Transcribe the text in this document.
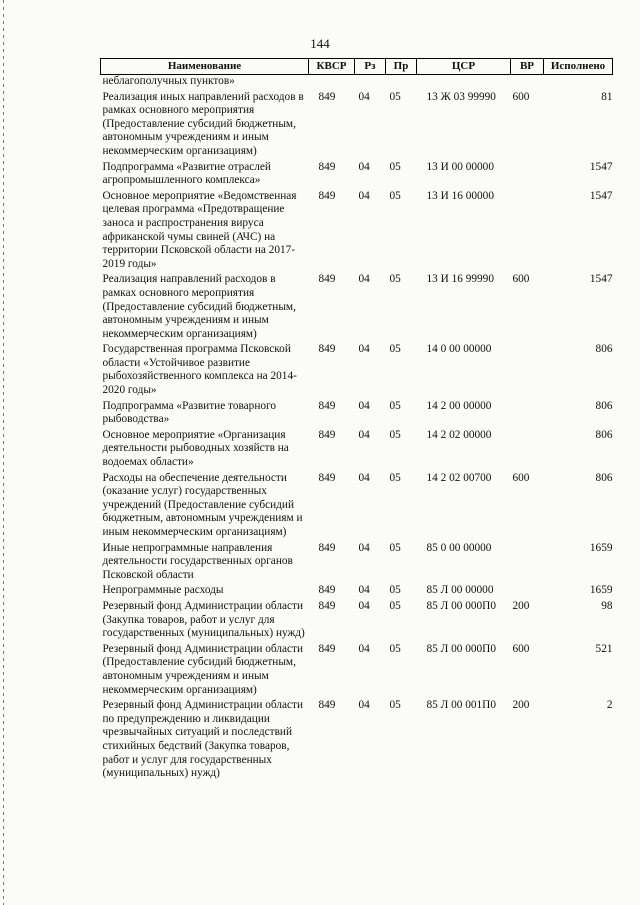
144
Наименование	КВСР	Рз	Пр	ЦСР	ВР	Исполнено
неблагополучных пунктов»						
Реализация иных направлений расходов в рамках основного мероприятия (Предоставление субсидий бюджетным, автономным учреждениям и иным некоммерческим организациям)	849	04	05	13 Ж 03 99990	600	81
Подпрограмма «Развитие отраслей агропромышленного комплекса»	849	04	05	13 И 00 00000		1547
Основное мероприятие «Ведомственная целевая программа «Предотвращение заноса и распространения вируса африканской чумы свиней (АЧС) на территории Псковской области на 2017-2019 годы»	849	04	05	13 И 16 00000		1547
Реализация направлений расходов в рамках основного мероприятия (Предоставление субсидий бюджетным, автономным учреждениям и иным некоммерческим организациям)	849	04	05	13 И 16 99990	600	1547
Государственная программа Псковской области «Устойчивое развитие рыбохозяйственного комплекса на 2014-2020 годы»	849	04	05	14 0 00 00000		806
Подпрограмма «Развитие товарного рыбоводства»	849	04	05	14 2 00 00000		806
Основное мероприятие «Организация деятельности рыбоводных хозяйств на водоемах области»	849	04	05	14 2 02 00000		806
Расходы на обеспечение деятельности (оказание услуг) государственных учреждений (Предоставление субсидий бюджетным, автономным учреждениям и иным некоммерческим организациям)	849	04	05	14 2 02 00700	600	806
Иные непрограммные направления деятельности государственных органов Псковской области	849	04	05	85 0 00 00000		1659
Непрограммные расходы	849	04	05	85 Л 00 00000		1659
Резервный фонд Администрации области (Закупка товаров, работ и услуг для государственных (муниципальных) нужд)	849	04	05	85 Л 00 000П0	200	98
Резервный фонд Администрации области (Предоставление субсидий бюджетным, автономным учреждениям и иным некоммерческим организациям)	849	04	05	85 Л 00 000П0	600	521
Резервный фонд Администрации области по предупреждению и ликвидации чрезвычайных ситуаций и последствий стихийных бедствий (Закупка товаров, работ и услуг для государственных (муниципальных) нужд)	849	04	05	85 Л 00 001П0	200	2
